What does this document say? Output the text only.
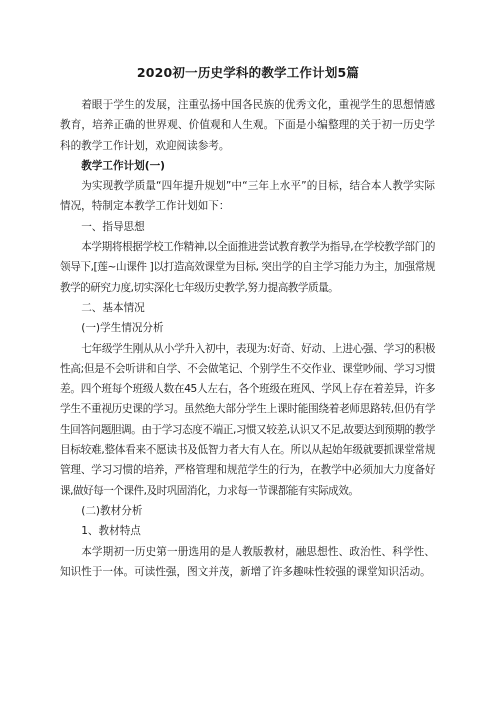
2020初一历史学科的教学工作计划5篇

着眼于学生的发展，注重弘扬中国各民族的优秀文化，重视学生的思想情感教育，培养正确的世界观、价值观和人生观。下面是小编整理的关于初一历史学科的教学工作计划，欢迎阅读参考。

教学工作计划(一)

为实现教学质量“四年提升规划”中“三年上水平”的目标，结合本人教学实际情况，特制定本教学工作计划如下：

一、指导思想

本学期将根据学校工作精神,以全面推进尝试教育教学为指导,在学校教学部门的领导下,[莲~山课件 ]以打造高效课堂为目标, 突出学的自主学习能力为主，加强常规教学的研究力度,切实深化七年级历史教学,努力提高教学质量。

二、基本情况

(一)学生情况分析

七年级学生刚从从小学升入初中，表现为:好奇、好动、上进心强、学习的积极性高;但是不会听讲和自学、不会做笔记、个别学生不交作业、课堂吵闹、学习习惯差。四个班每个班级人数在45人左右，各个班级在班风、学风上存在着差异，许多学生不重视历史课的学习。虽然绝大部分学生上课时能围绕着老师思路转,但仍有学生回答问题胆调。由于学习态度不端正,习惯又较差,认识又不足,故要达到预期的教学目标较难,整体看来不愿读书及低智力者大有人在。所以从起始年级就要抓课堂常规管理、学习习惯的培养，严格管理和规范学生的行为，在教学中必须加大力度备好课,做好每一个课件,及时巩固消化，力求每一节课都能有实际成效。

(二)教材分析

1、教材特点

本学期初一历史第一册选用的是人教版教材，融思想性、政治性、科学性、知识性于一体。可读性强，图文并茂，新增了许多趣味性较强的课堂知识活动。
